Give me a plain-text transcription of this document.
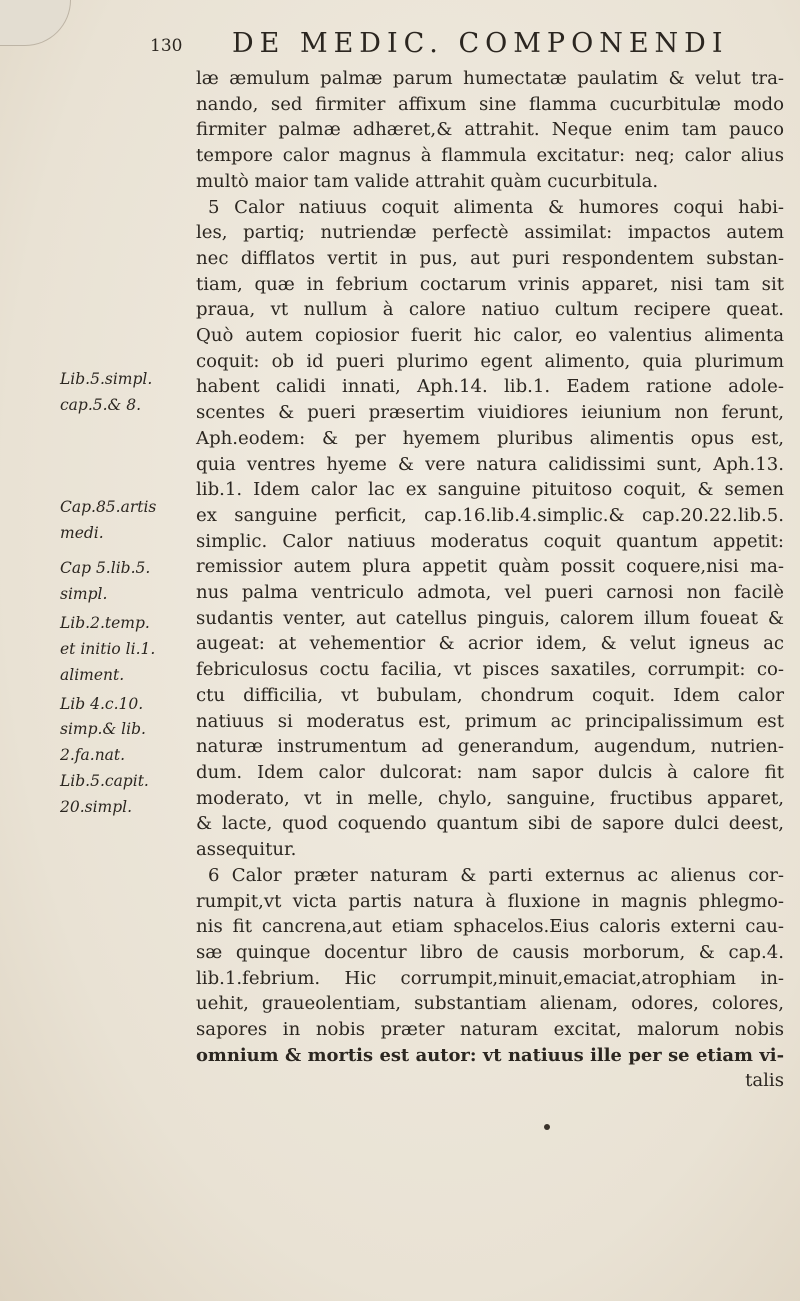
130 DE MEDIC. COMPONENDI
læ æmulum palmæ parum humectatæ paulatim & velut tra-
nando, sed firmiter affixum sine flamma cucurbitulæ modo
firmiter palmæ adhæret,& attrahit. Neque enim tam pauco
tempore calor magnus à flammula excitatur: neq; calor alius
multò maior tam valide attrahit quàm cucurbitula.
5 Calor natiuus coquit alimenta & humores coqui habi-
les, partiq; nutriendæ perfectè assimilat: impactos autem
nec difflatos vertit in pus, aut puri respondentem substan-
tiam, quæ in febrium coctarum vrinis apparet, nisi tam sit
praua, vt nullum à calore natiuo cultum recipere queat.
Quò autem copiosior fuerit hic calor, eo valentius alimenta
coquit: ob id pueri plurimo egent alimento, quia plurimum
habent calidi innati, Aph.14. lib.1. Eadem ratione adole-
scentes & pueri præsertim viuidiores ieiunium non ferunt,
Aph.eodem: & per hyemem pluribus alimentis opus est,
quia ventres hyeme & vere natura calidissimi sunt, Aph.13.
lib.1. Idem calor lac ex sanguine pituitoso coquit, & semen
ex sanguine perficit, cap.16.lib.4.simplic.& cap.20.22.lib.5.
simplic. Calor natiuus moderatus coquit quantum appetit:
remissior autem plura appetit quàm possit coquere,nisi ma-
nus palma ventriculo admota, vel pueri carnosi non facilè
sudantis venter, aut catellus pinguis, calorem illum foueat &
augeat: at vehementior & acrior idem, & velut igneus ac
febriculosus coctu facilia, vt pisces saxatiles, corrumpit: co-
ctu difficilia, vt bubulam, chondrum coquit. Idem calor
natiuus si moderatus est, primum ac principalissimum est
naturæ instrumentum ad generandum, augendum, nutrien-
dum. Idem calor dulcorat: nam sapor dulcis à calore fit
moderato, vt in melle, chylo, sanguine, fructibus apparet,
& lacte, quod coquendo quantum sibi de sapore dulci deest,
assequitur.
6 Calor præter naturam & parti externus ac alienus cor-
rumpit,vt victa partis natura à fluxione in magnis phlegmo-
nis fit cancrena,aut etiam sphacelos.Eius caloris externi cau-
sæ quinque docentur libro de causis morborum, & cap.4.
lib.1.febrium. Hic corrumpit,minuit,emaciat,atrophiam in-
uehit, graueolentiam, substantiam alienam, odores, colores,
sapores in nobis præter naturam excitat, malorum nobis
omnium & mortis est autor: vt natiuus ille per se etiam vi-
talis
Lib.5.simpl.
cap.5.& 8.
Cap.85.artis
medi.
Cap 5.lib.5.
simpl.
Lib.2.temp.
et initio li.1.
aliment.
Lib 4.c.10.
simp.& lib.
2.fa.nat.
Lib.5.capit.
20.simpl.
